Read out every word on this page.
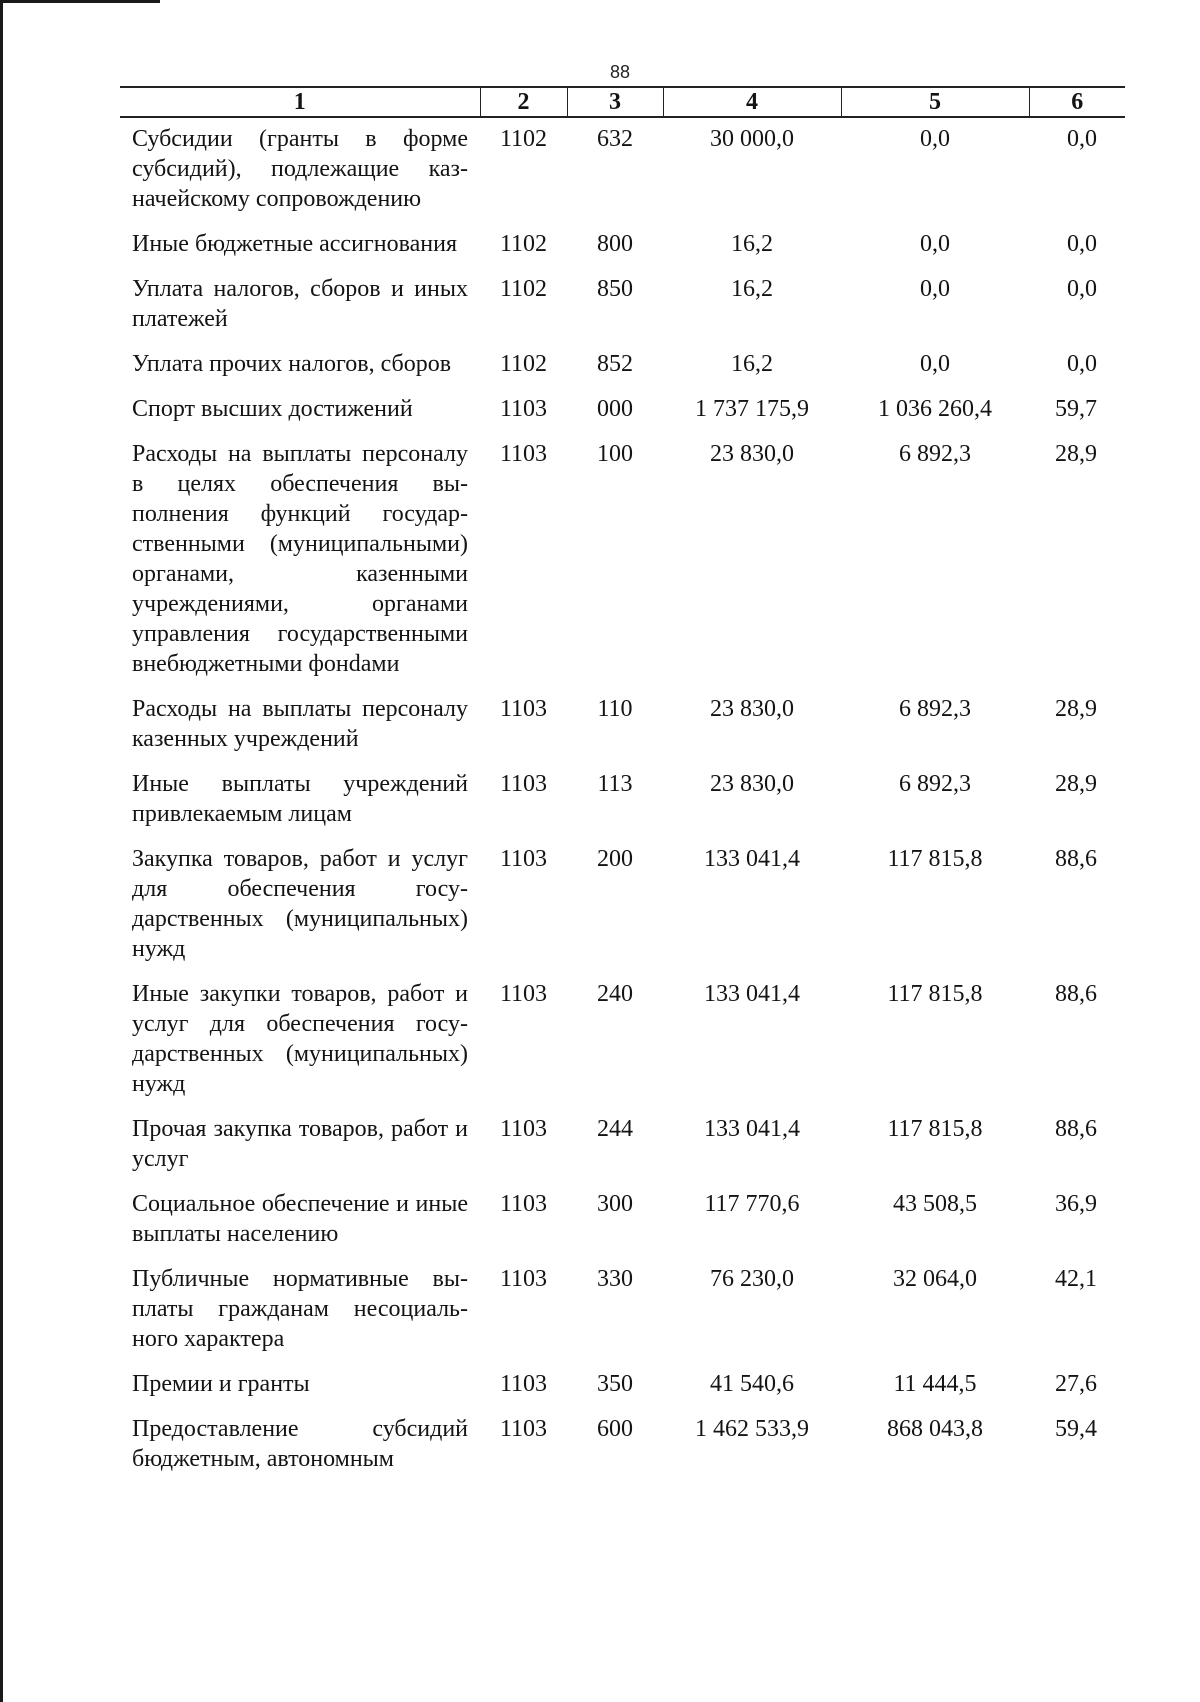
88
1	2	3	4	5	6
Субсидии (гранты в форме субсидий), подлежащие казначейскому сопровождению	1102	632	30 000,0	0,0	0,0
Иные бюджетные ассигнования	1102	800	16,2	0,0	0,0
Уплата налогов, сборов и иных платежей	1102	850	16,2	0,0	0,0
Уплата прочих налогов, сборов	1102	852	16,2	0,0	0,0
Спорт высших достижений	1103	000	1 737 175,9	1 036 260,4	59,7
Расходы на выплаты персоналу в целях обеспечения выполнения функций государственными (муниципальными) органами, казенными учреждениями, органами управления государственными внебюджетными фонdами	1103	100	23 830,0	6 892,3	28,9
Расходы на выплаты персоналу казенных учреждений	1103	110	23 830,0	6 892,3	28,9
Иные выплаты учреждений привлекаемым лицам	1103	113	23 830,0	6 892,3	28,9
Закупка товаров, работ и услуг для обеспечения государственных (муниципальных) нужд	1103	200	133 041,4	117 815,8	88,6
Иные закупки товаров, работ и услуг для обеспечения государственных (муниципальных) нужд	1103	240	133 041,4	117 815,8	88,6
Прочая закупка товаров, работ и услуг	1103	244	133 041,4	117 815,8	88,6
Социальное обеспечение и иные выплаты населению	1103	300	117 770,6	43 508,5	36,9
Публичные нормативные выплаты гражданам несоциального характера	1103	330	76 230,0	32 064,0	42,1
Премии и гранты	1103	350	41 540,6	11 444,5	27,6
Предоставление субсидий бюджетным, автономным	1103	600	1 462 533,9	868 043,8	59,4
